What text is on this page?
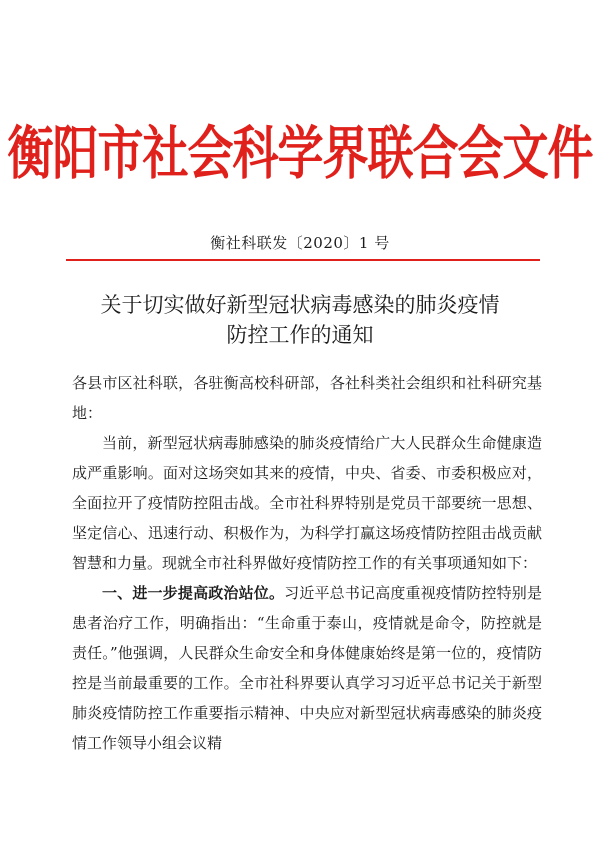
衡阳市社会科学界联合会文件
衡社科联发〔2020〕1 号
关于切实做好新型冠状病毒感染的肺炎疫情
防控工作的通知

各县市区社科联，各驻衡高校科研部，各社科类社会组织和社科研究基地：

当前，新型冠状病毒肺感染的肺炎疫情给广大人民群众生命健康造成严重影响。面对这场突如其来的疫情，中央、省委、市委积极应对，全面拉开了疫情防控阻击战。全市社科界特别是党员干部要统一思想、坚定信心、迅速行动、积极作为，为科学打赢这场疫情防控阻击战贡献智慧和力量。现就全市社科界做好疫情防控工作的有关事项通知如下：

一、进一步提高政治站位。习近平总书记高度重视疫情防控特别是患者治疗工作，明确指出：“生命重于泰山，疫情就是命令，防控就是责任。”他强调，人民群众生命安全和身体健康始终是第一位的，疫情防控是当前最重要的工作。全市社科界要认真学习习近平总书记关于新型肺炎疫情防控工作重要指示精神、中央应对新型冠状病毒感染的肺炎疫情工作领导小组会议精
